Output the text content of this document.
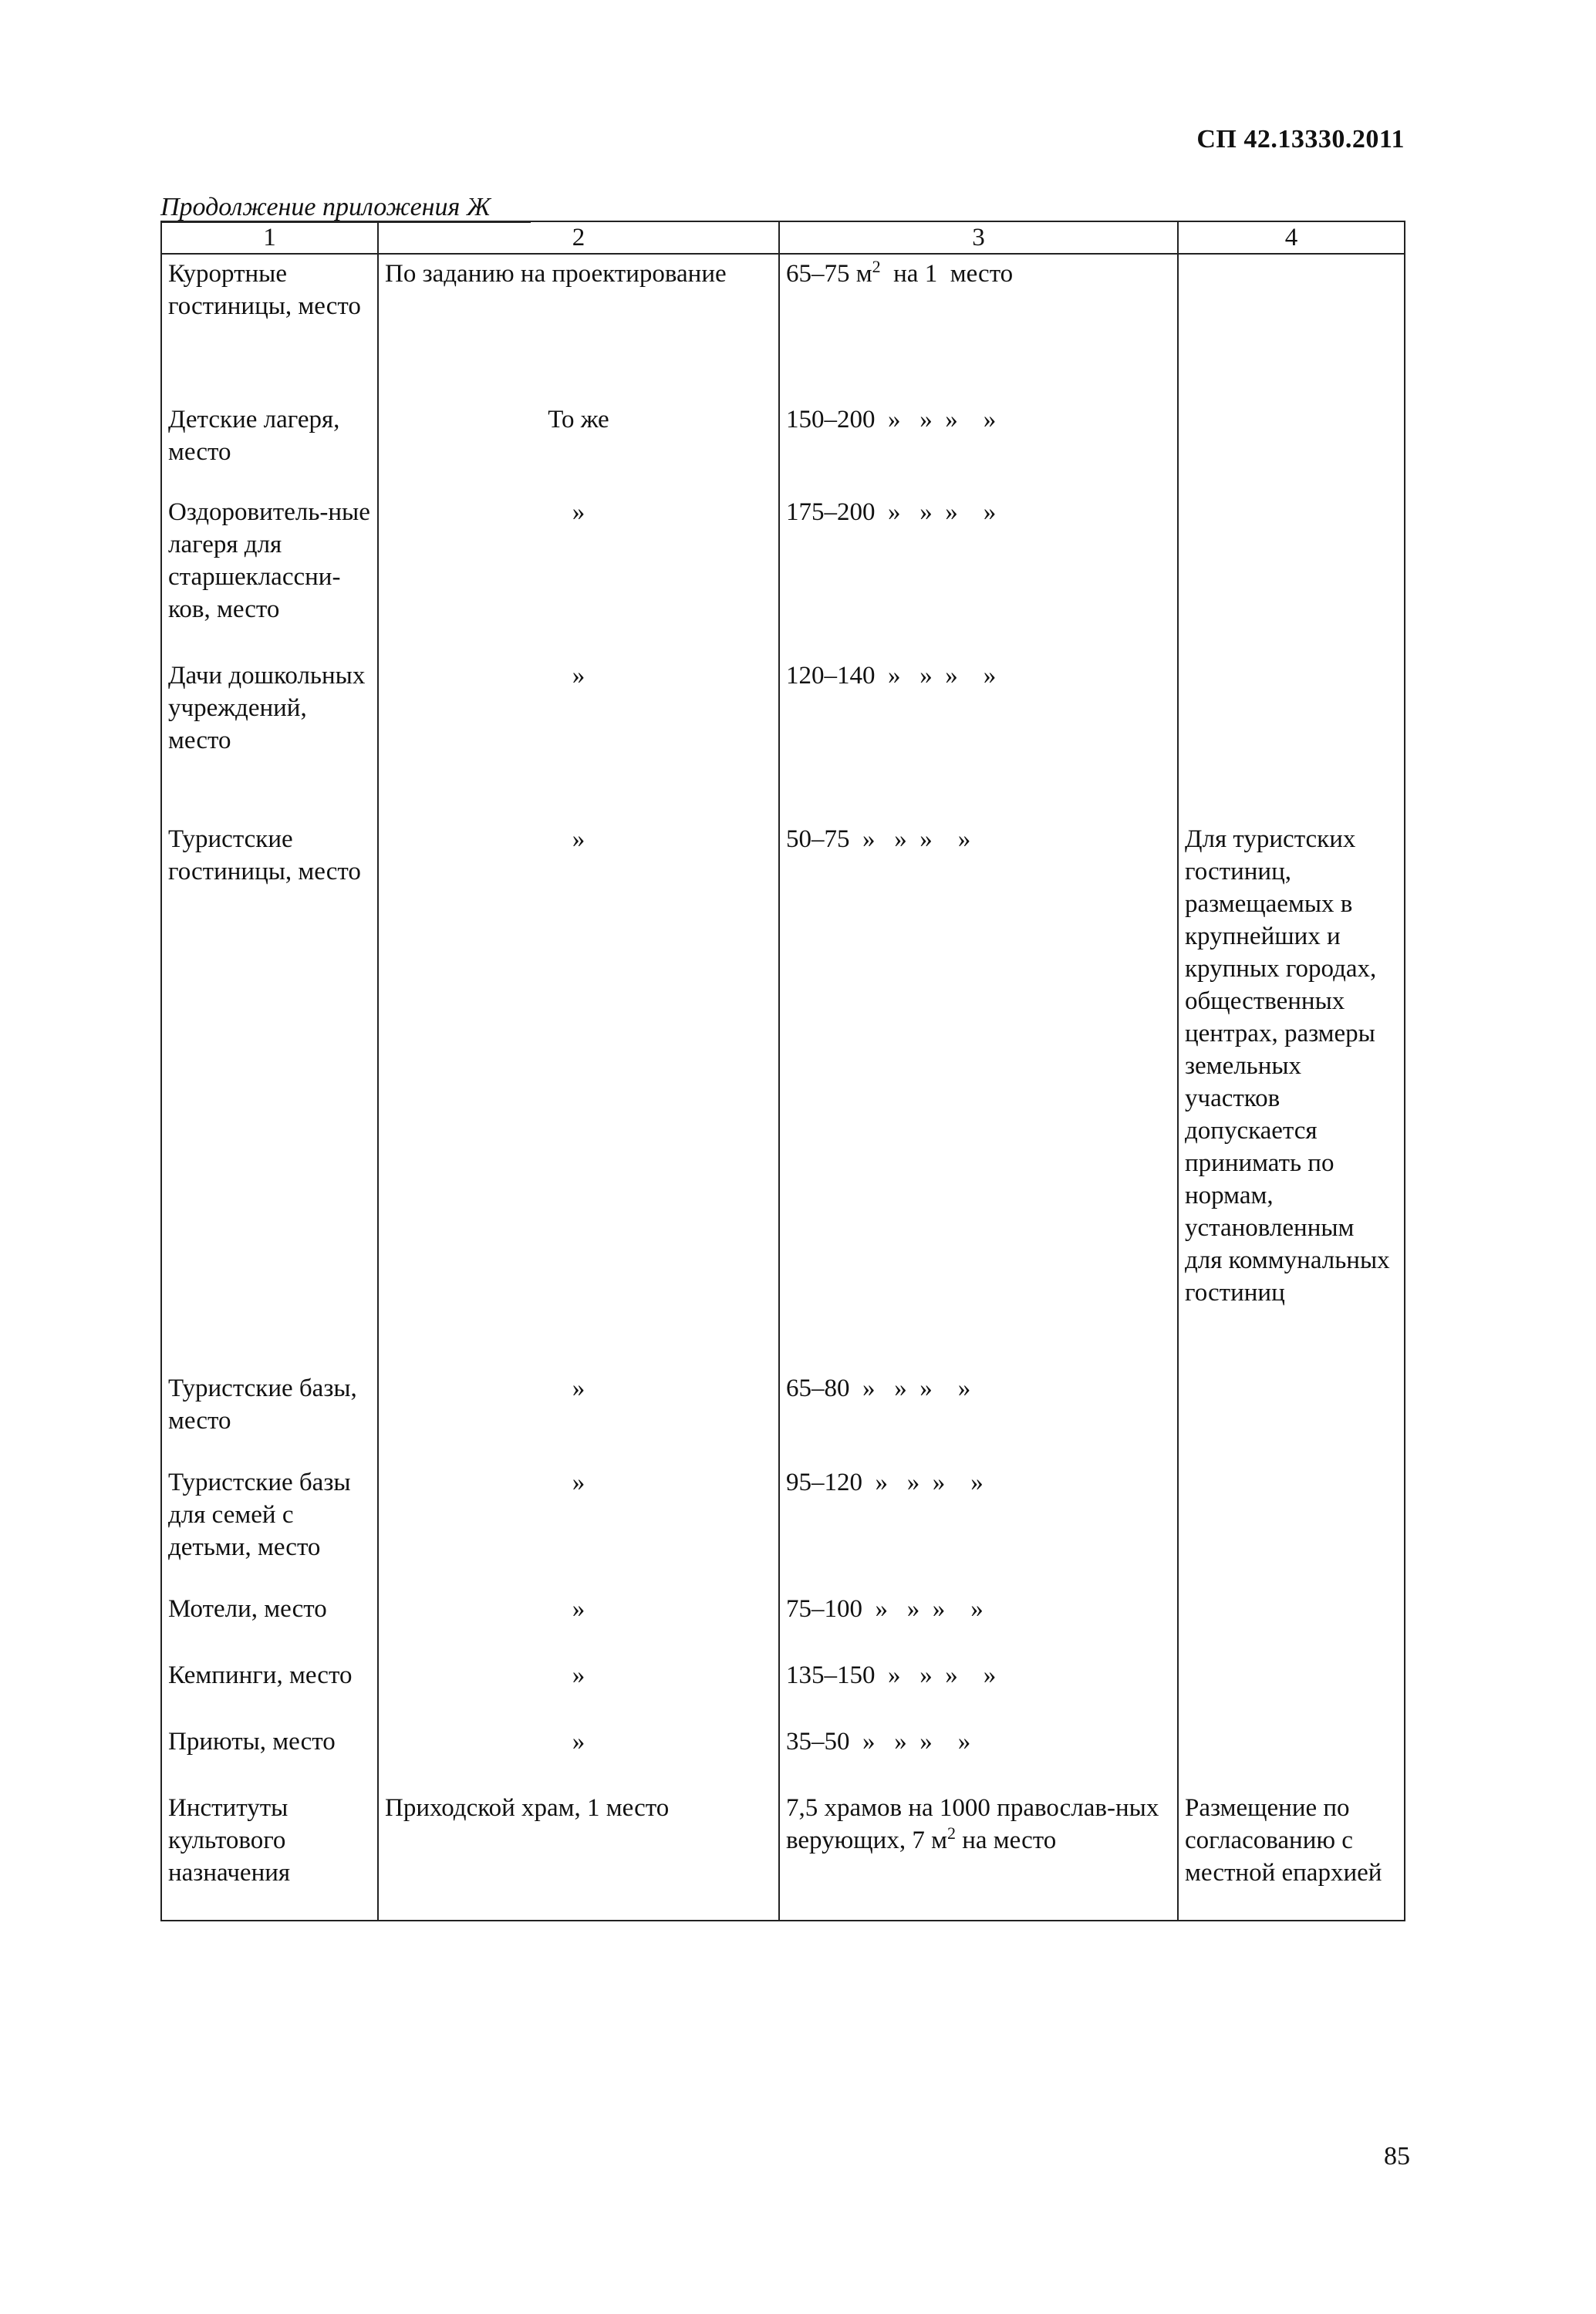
СП 42.13330.2011
Продолжение приложения Ж
1	2	3	4
Курортные гостиницы, место	По заданию на проектирование	65–75 $м^2$  на 1  место	
Детские лагеря, место	То же	150–200  »   »  »    »	
Оздоровитель-ные лагеря для старшеклассни-ков, место	»	175–200  »   »  »    »	
Дачи дошкольных учреждений, место	»	120–140  »   »  »    »	
Туристские гостиницы, место	»	50–75  »   »  »    »	Для туристских гостиниц, размещаемых в крупнейших и крупных городах, общественных центрах, размеры земельных участков допускается принимать по нормам, установленным для коммунальных гостиниц
Туристские базы, место	»	65–80  »   »  »    »	
Туристские базы для семей с детьми, место	»	95–120  »   »  »    »	
Мотели, место	»	75–100  »   »  »    »	
Кемпинги, место	»	135–150  »   »  »    »	
Приюты, место	»	35–50  »   »  »    »	
Институты культового назначения	Приходской храм, 1 место	7,5 храмов на 1000 православ-ных верующих, 7 $м^2$ на место	Размещение по согласованию с местной епархией
85
